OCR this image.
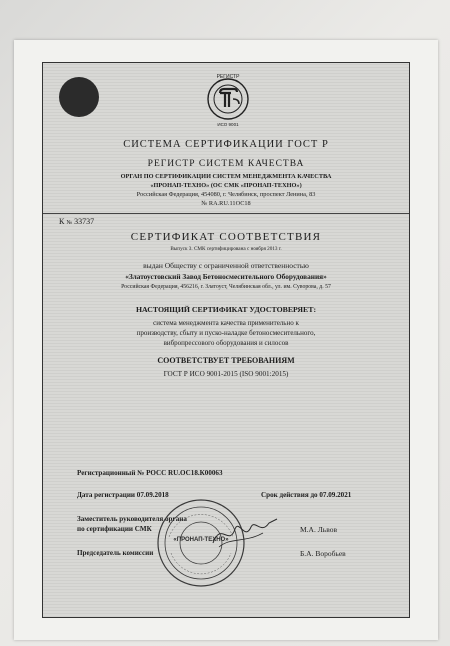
РЕГИСТР
ИСО 9001
СИСТЕМА СЕРТИФИКАЦИИ ГОСТ Р
РЕГИСТР СИСТЕМ КАЧЕСТВА
ОРГАН ПО СЕРТИФИКАЦИИ СИСТЕМ МЕНЕДЖМЕНТА КАЧЕСТВА
«ПРОНАП-ТЕХНО» (ОС СМК «ПРОНАП-ТЕХНО»)
Российская Федерация, 454080, г. Челябинск, проспект Ленина, 83
№ RA.RU.11ОС18
К № 33737
СЕРТИФИКАТ СООТВЕТСТВИЯ
Выпуск 3. СМК сертифицирована с ноября 2013 г.
выдан Обществу с ограниченной ответственностью
«Златоустовский Завод Бетоносмесительного Оборудования»
Российская Федерация, 456216, г. Златоуст, Челябинская обл., ул. им. Суворова, д. 57
НАСТОЯЩИЙ СЕРТИФИКАТ УДОСТОВЕРЯЕТ:
система менеджмента качества применительно к
производству, сбыту и пуско-наладке бетоносмесительного,
вибропрессового оборудования и силосов
СООТВЕТСТВУЕТ ТРЕБОВАНИЯМ
ГОСТ Р ИСО 9001-2015 (ISO 9001:2015)
Регистрационный № РОСС RU.ОС18.К00063
Дата регистрации 07.09.2018	Срок действия до 07.09.2021
Заместитель руководителя органа
по сертификации СМК	М.А. Львов
Председатель комиссии	Б.А. Воробьев
«ПРОНАП-ТЕХНО»
